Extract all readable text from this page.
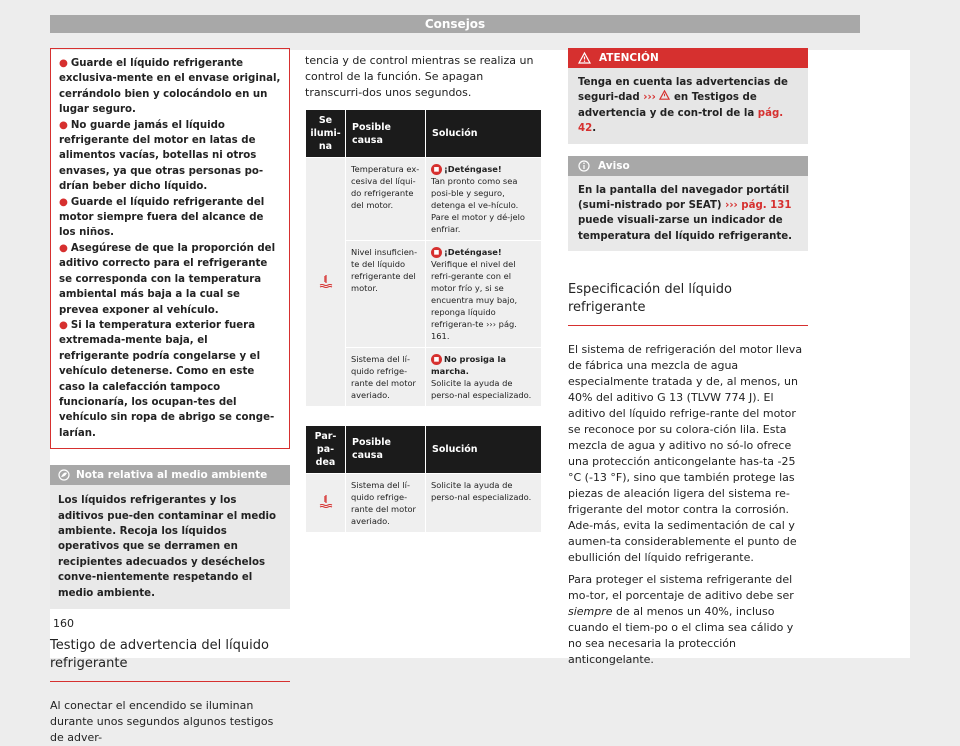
Consejos
● Guarde el líquido refrigerante exclusiva-mente en el envase original, cerrándolo bien y colocándolo en un lugar seguro.
● No guarde jamás el líquido refrigerante del motor en latas de alimentos vacías, botellas ni otros envases, ya que otras personas po-drían beber dicho líquido.
● Guarde el líquido refrigerante del motor siempre fuera del alcance de los niños.
● Asegúrese de que la proporción del aditivo correcto para el refrigerante se corresponda con la temperatura ambiental más baja a la cual se prevea exponer al vehículo.
● Si la temperatura exterior fuera extremada-mente baja, el refrigerante podría congelarse y el vehículo detenerse. Como en este caso la calefacción tampoco funcionaría, los ocupan-tes del vehículo sin ropa de abrigo se conge-larían.
Nota relativa al medio ambiente
Los líquidos refrigerantes y los aditivos pue-den contaminar el medio ambiente. Recoja los líquidos operativos que se derramen en recipientes adecuados y deséchelos conve-nientemente respetando el medio ambiente.
Testigo de advertencia del líquido refrigerante
Al conectar el encendido se iluminan durante unos segundos algunos testigos de adver-
tencia y de control mientras se realiza un control de la función. Se apagan transcurri-dos unos segundos.
Se ilumi-na	Posible causa	Solución
	Temperatura ex-cesiva del líqui-do refrigerante del motor.	■ ¡Deténgase!
Tan pronto como sea posi-ble y seguro, detenga el ve-hículo. Pare el motor y dé-jelo enfriar.
	Nivel insuficien-te del líquido refrigerante del motor.	■ ¡Deténgase!
Verifique el nivel del refri-gerante con el motor frío y, si se encuentra muy bajo, reponga líquido refrigeran-te ››› pág. 161.
	Sistema del lí-quido refrige-rante del motor averiado.	■ No prosiga la marcha.
Solicite la ayuda de perso-nal especializado.

Par-pa-dea	Posible causa	Solución
	Sistema del lí-quido refrige-rante del motor averiado.	Solicite la ayuda de perso-nal especializado.
ATENCIÓN
Tenga en cuenta las advertencias de seguri-dad ››› en Testigos de advertencia y de con-trol de la pág. 42.
Aviso
En la pantalla del navegador portátil (sumi-nistrado por SEAT) ››› pág. 131 puede visuali-zarse un indicador de temperatura del líquido refrigerante.
Especificación del líquido refrigerante
El sistema de refrigeración del motor lleva de fábrica una mezcla de agua especialmente tratada y de, al menos, un 40% del aditivo G 13 (TLVW 774 J). El aditivo del líquido refrige-rante del motor se reconoce por su colora-ción lila. Esta mezcla de agua y aditivo no só-lo ofrece una protección anticongelante has-ta -25 °C (-13 °F), sino que también protege las piezas de aleación ligera del sistema re-frigerante del motor contra la corrosión. Ade-más, evita la sedimentación de cal y aumen-ta considerablemente el punto de ebullición del líquido refrigerante.
Para proteger el sistema refrigerante del mo-tor, el porcentaje de aditivo debe ser siempre de al menos un 40%, incluso cuando el tiem-po o el clima sea cálido y no sea necesaria la protección anticongelante.
160
